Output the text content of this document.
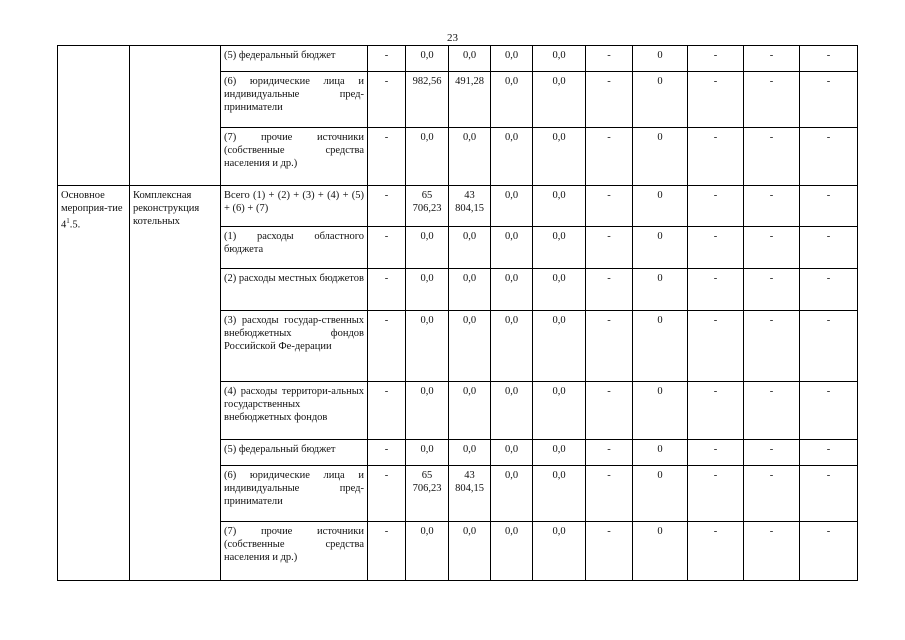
23
		(5) федеральный бюджет	-	0,0	0,0	0,0	0,0	-	0	-	-	-
		(6) юридические лица и индивидуальные пред-приниматели	-	982,56	491,28	0,0	0,0	-	0	-	-	-
		(7) прочие источники (собственные средства населения и др.)	-	0,0	0,0	0,0	0,0	-	0	-	-	-
Основное мероприя-тие $4^1.5$.	Комплексная реконструкция котельных	Всего (1) + (2) + (3) + (4) + (5) + (6) + (7)	-	65 706,23	43 804,15	0,0	0,0	-	0	-	-	-
		(1) расходы областного бюджета	-	0,0	0,0	0,0	0,0	-	0	-	-	-
		(2) расходы местных бюджетов	-	0,0	0,0	0,0	0,0	-	0	-	-	-
		(3) расходы государ-ственных внебюджетных фондов Российской Фе-дерации	-	0,0	0,0	0,0	0,0	-	0	-	-	-
		(4) расходы территори-альных государственных внебюджетных фондов	-	0,0	0,0	0,0	0,0	-	0	-	-	-
		(5) федеральный бюджет	-	0,0	0,0	0,0	0,0	-	0	-	-	-
		(6) юридические лица и индивидуальные пред-приниматели	-	65 706,23	43 804,15	0,0	0,0	-	0	-	-	-
		(7) прочие источники (собственные средства населения и др.)	-	0,0	0,0	0,0	0,0	-	0	-	-	-
